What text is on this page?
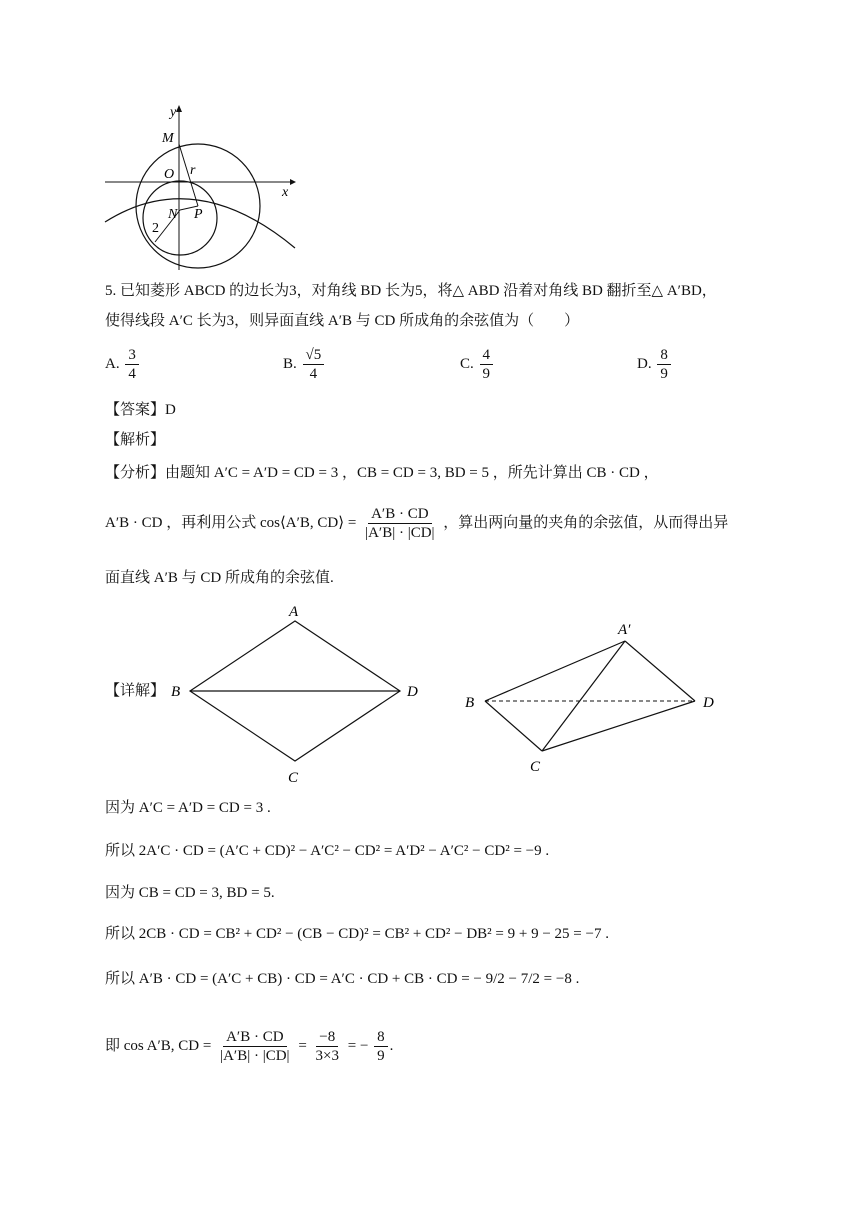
y
x
M
O r
N P
2
5. 已知菱形 ABCD 的边长为3，对角线 BD 长为5，将△ ABD 沿着对角线 BD 翻折至△ A′BD，
使得线段 A′C 长为3，则异面直线 A′B 与 CD 所成角的余弦值为（　　）
A. $\frac{3}{4}$	B. $\frac{√5}{4}$	C. $\frac{4}{9}$	D. $\frac{8}{9}$
【答案】D
【解析】
【分析】由题知 A′C = A′D = CD = 3 ，CB = CD = 3, BD = 5 ，所先计算出 CB · CD ，
A′B · CD ，再利用公式 cos⟨A′B, CD⟩ = $\frac{A'B \cdot CD}{|A'B| \cdot |CD|}$ ，算出两向量的夹角的余弦值，从而得出异
面直线 A′B 与 CD 所成角的余弦值.
A
B
C
D
【详解】
A′
B
C
D
因为 A′C = A′D = CD = 3 .
所以 2A′C · CD = (A′C + CD)² − A′C² − CD² = A′D² − A′C² − CD² = −9 .
因为 CB = CD = 3, BD = 5.
所以 2CB · CD = CB² + CD² − (CB − CD)² = CB² + CD² − DB² = 9 + 9 − 25 = −7 .
所以 A′B · CD = (A′C + CB) · CD = A′C · CD + CB · CD = − 9/2 − 7/2 = −8 .
即 cos A′B, CD = $\frac{A'B \cdot CD}{|A'B| \cdot |CD|} = \frac{-8}{3\times 3}$ = − $\frac{8}{9}$ .
